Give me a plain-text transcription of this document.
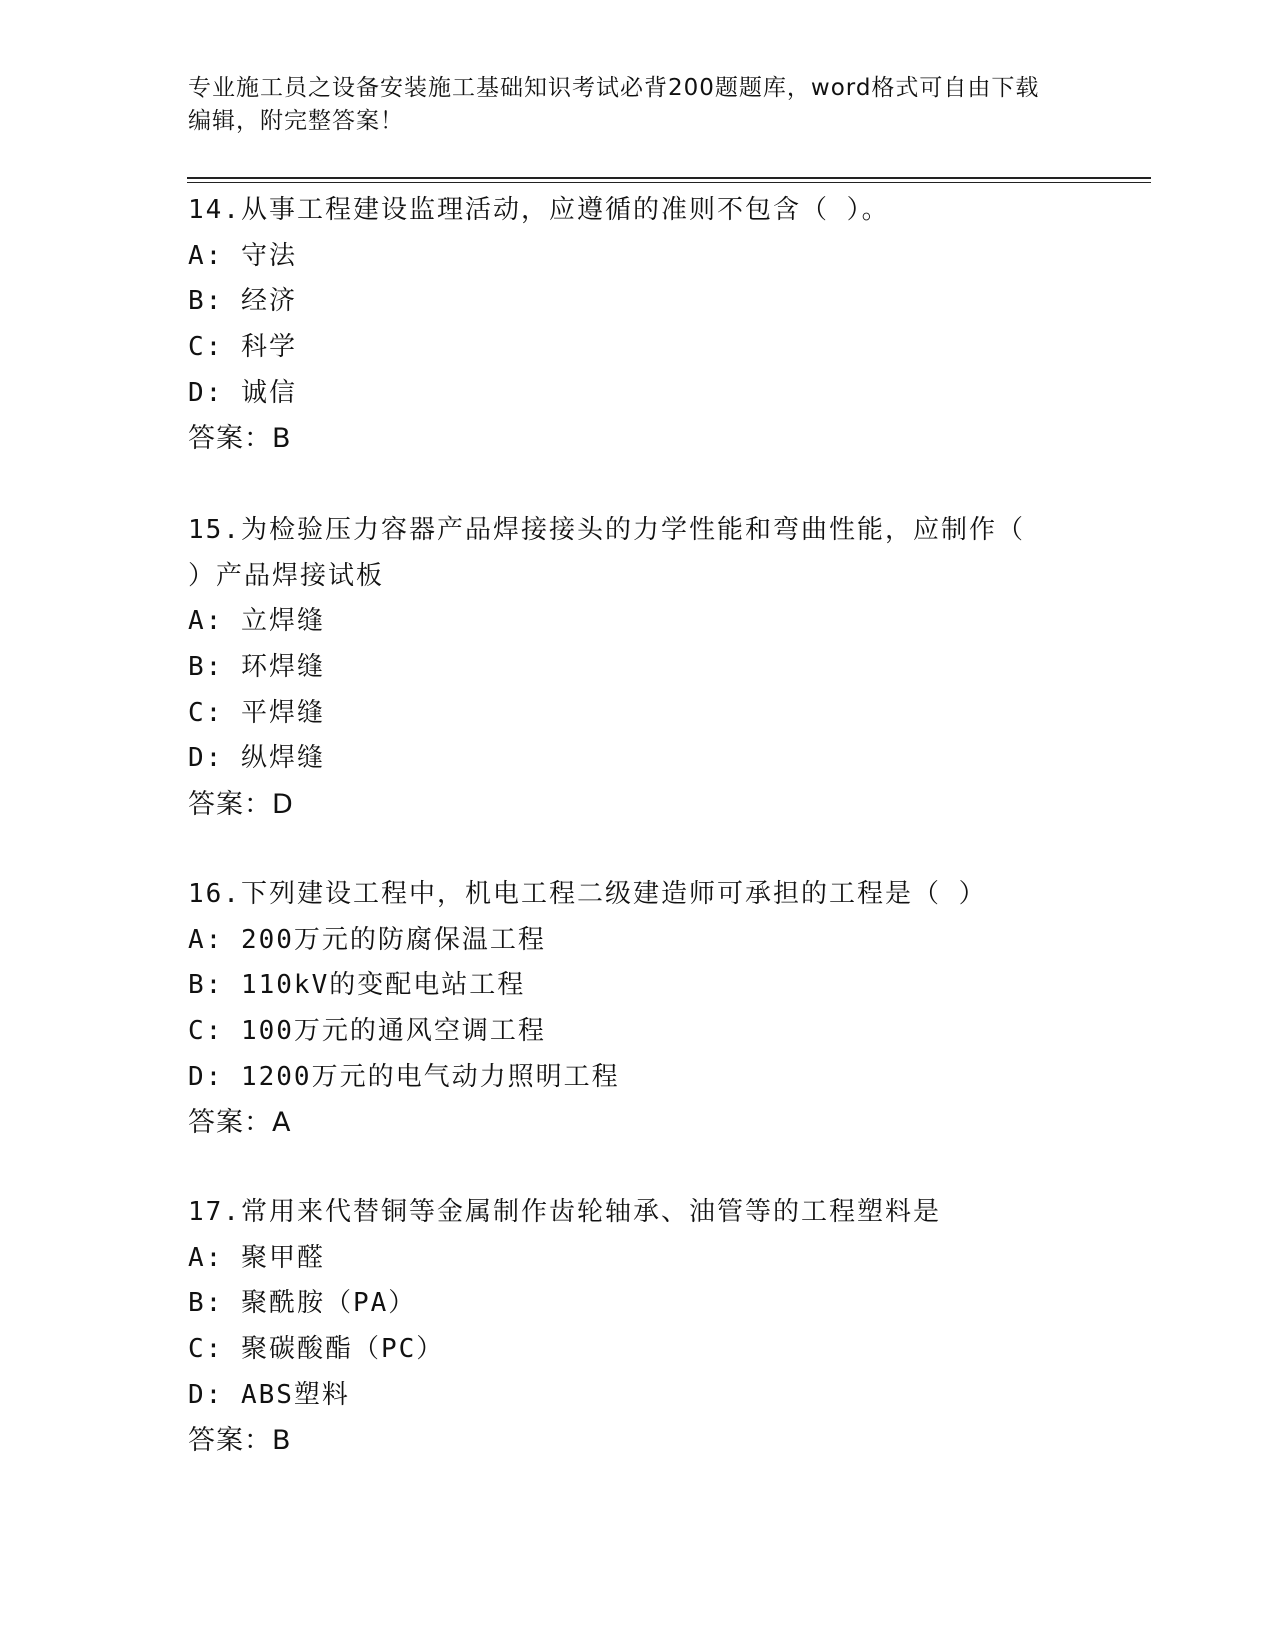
专业施工员之设备安装施工基础知识考试必背200题题库，word格式可自由下载
编辑，附完整答案！
14.从事工程建设监理活动，应遵循的准则不包含（ ）。
A: 守法
B: 经济
C: 科学
D: 诚信
答案：B
15.为检验压力容器产品焊接接头的力学性能和弯曲性能，应制作（
）产品焊接试板
A: 立焊缝
B: 环焊缝
C: 平焊缝
D: 纵焊缝
答案：D
16.下列建设工程中，机电工程二级建造师可承担的工程是（ ）
A: 200万元的防腐保温工程
B: 110kV的变配电站工程
C: 100万元的通风空调工程
D: 1200万元的电气动力照明工程
答案：A
17.常用来代替铜等金属制作齿轮轴承、油管等的工程塑料是
A: 聚甲醛
B: 聚酰胺（PA）
C: 聚碳酸酯（PC）
D: ABS塑料
答案：B
